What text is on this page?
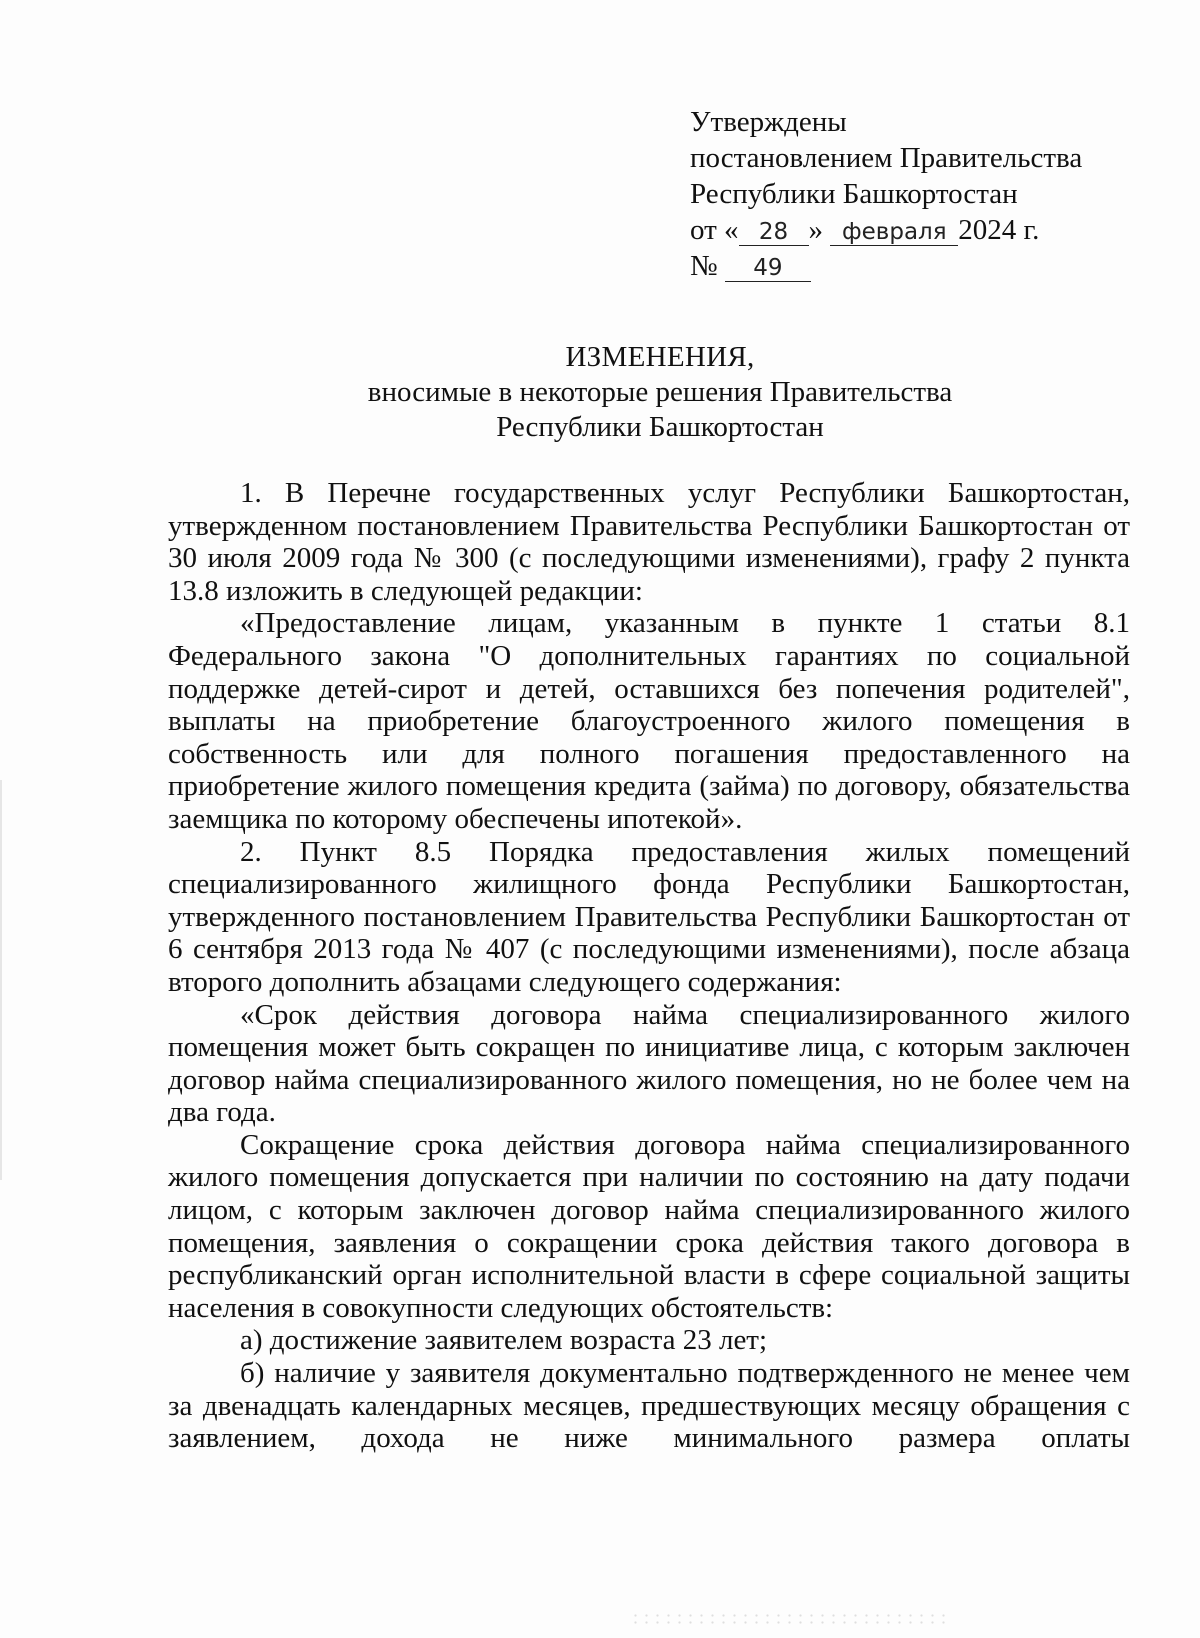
Утверждены
постановлением Правительства
Республики Башкортостан
от « 28 » февраля 2024 г.
№ 49
ИЗМЕНЕНИЯ,
вносимые в некоторые решения Правительства
Республики Башкортостан

1. В Перечне государственных услуг Республики Башкортостан, утвержденном постановлением Правительства Республики Башкортостан от 30 июля 2009 года № 300 (с последующими изменениями), графу 2 пункта 13.8 изложить в следующей редакции:

«Предоставление лицам, указанным в пункте 1 статьи 8.1 Федерального закона "О дополнительных гарантиях по социальной поддержке детей-сирот и детей, оставшихся без попечения родителей", выплаты на приобретение благоустроенного жилого помещения в собственность или для полного погашения предоставленного на приобретение жилого помещения кредита (займа) по договору, обязательства заемщика по которому обеспечены ипотекой».

2. Пункт 8.5 Порядка предоставления жилых помещений специализированного жилищного фонда Республики Башкортостан, утвержденного постановлением Правительства Республики Башкортостан от 6 сентября 2013 года № 407 (с последующими изменениями), после абзаца второго дополнить абзацами следующего содержания:

«Срок действия договора найма специализированного жилого помещения может быть сокращен по инициативе лица, с которым заключен договор найма специализированного жилого помещения, но не более чем на два года.

Сокращение срока действия договора найма специализированного жилого помещения допускается при наличии по состоянию на дату подачи лицом, с которым заключен договор найма специализированного жилого помещения, заявления о сокращении срока действия такого договора в республиканский орган исполнительной власти в сфере социальной защиты населения в совокупности следующих обстоятельств:

а) достижение заявителем возраста 23 лет;

б) наличие у заявителя документально подтвержденного не менее чем за двенадцать календарных месяцев, предшествующих месяцу обращения с заявлением, дохода не ниже минимального размера оплаты
